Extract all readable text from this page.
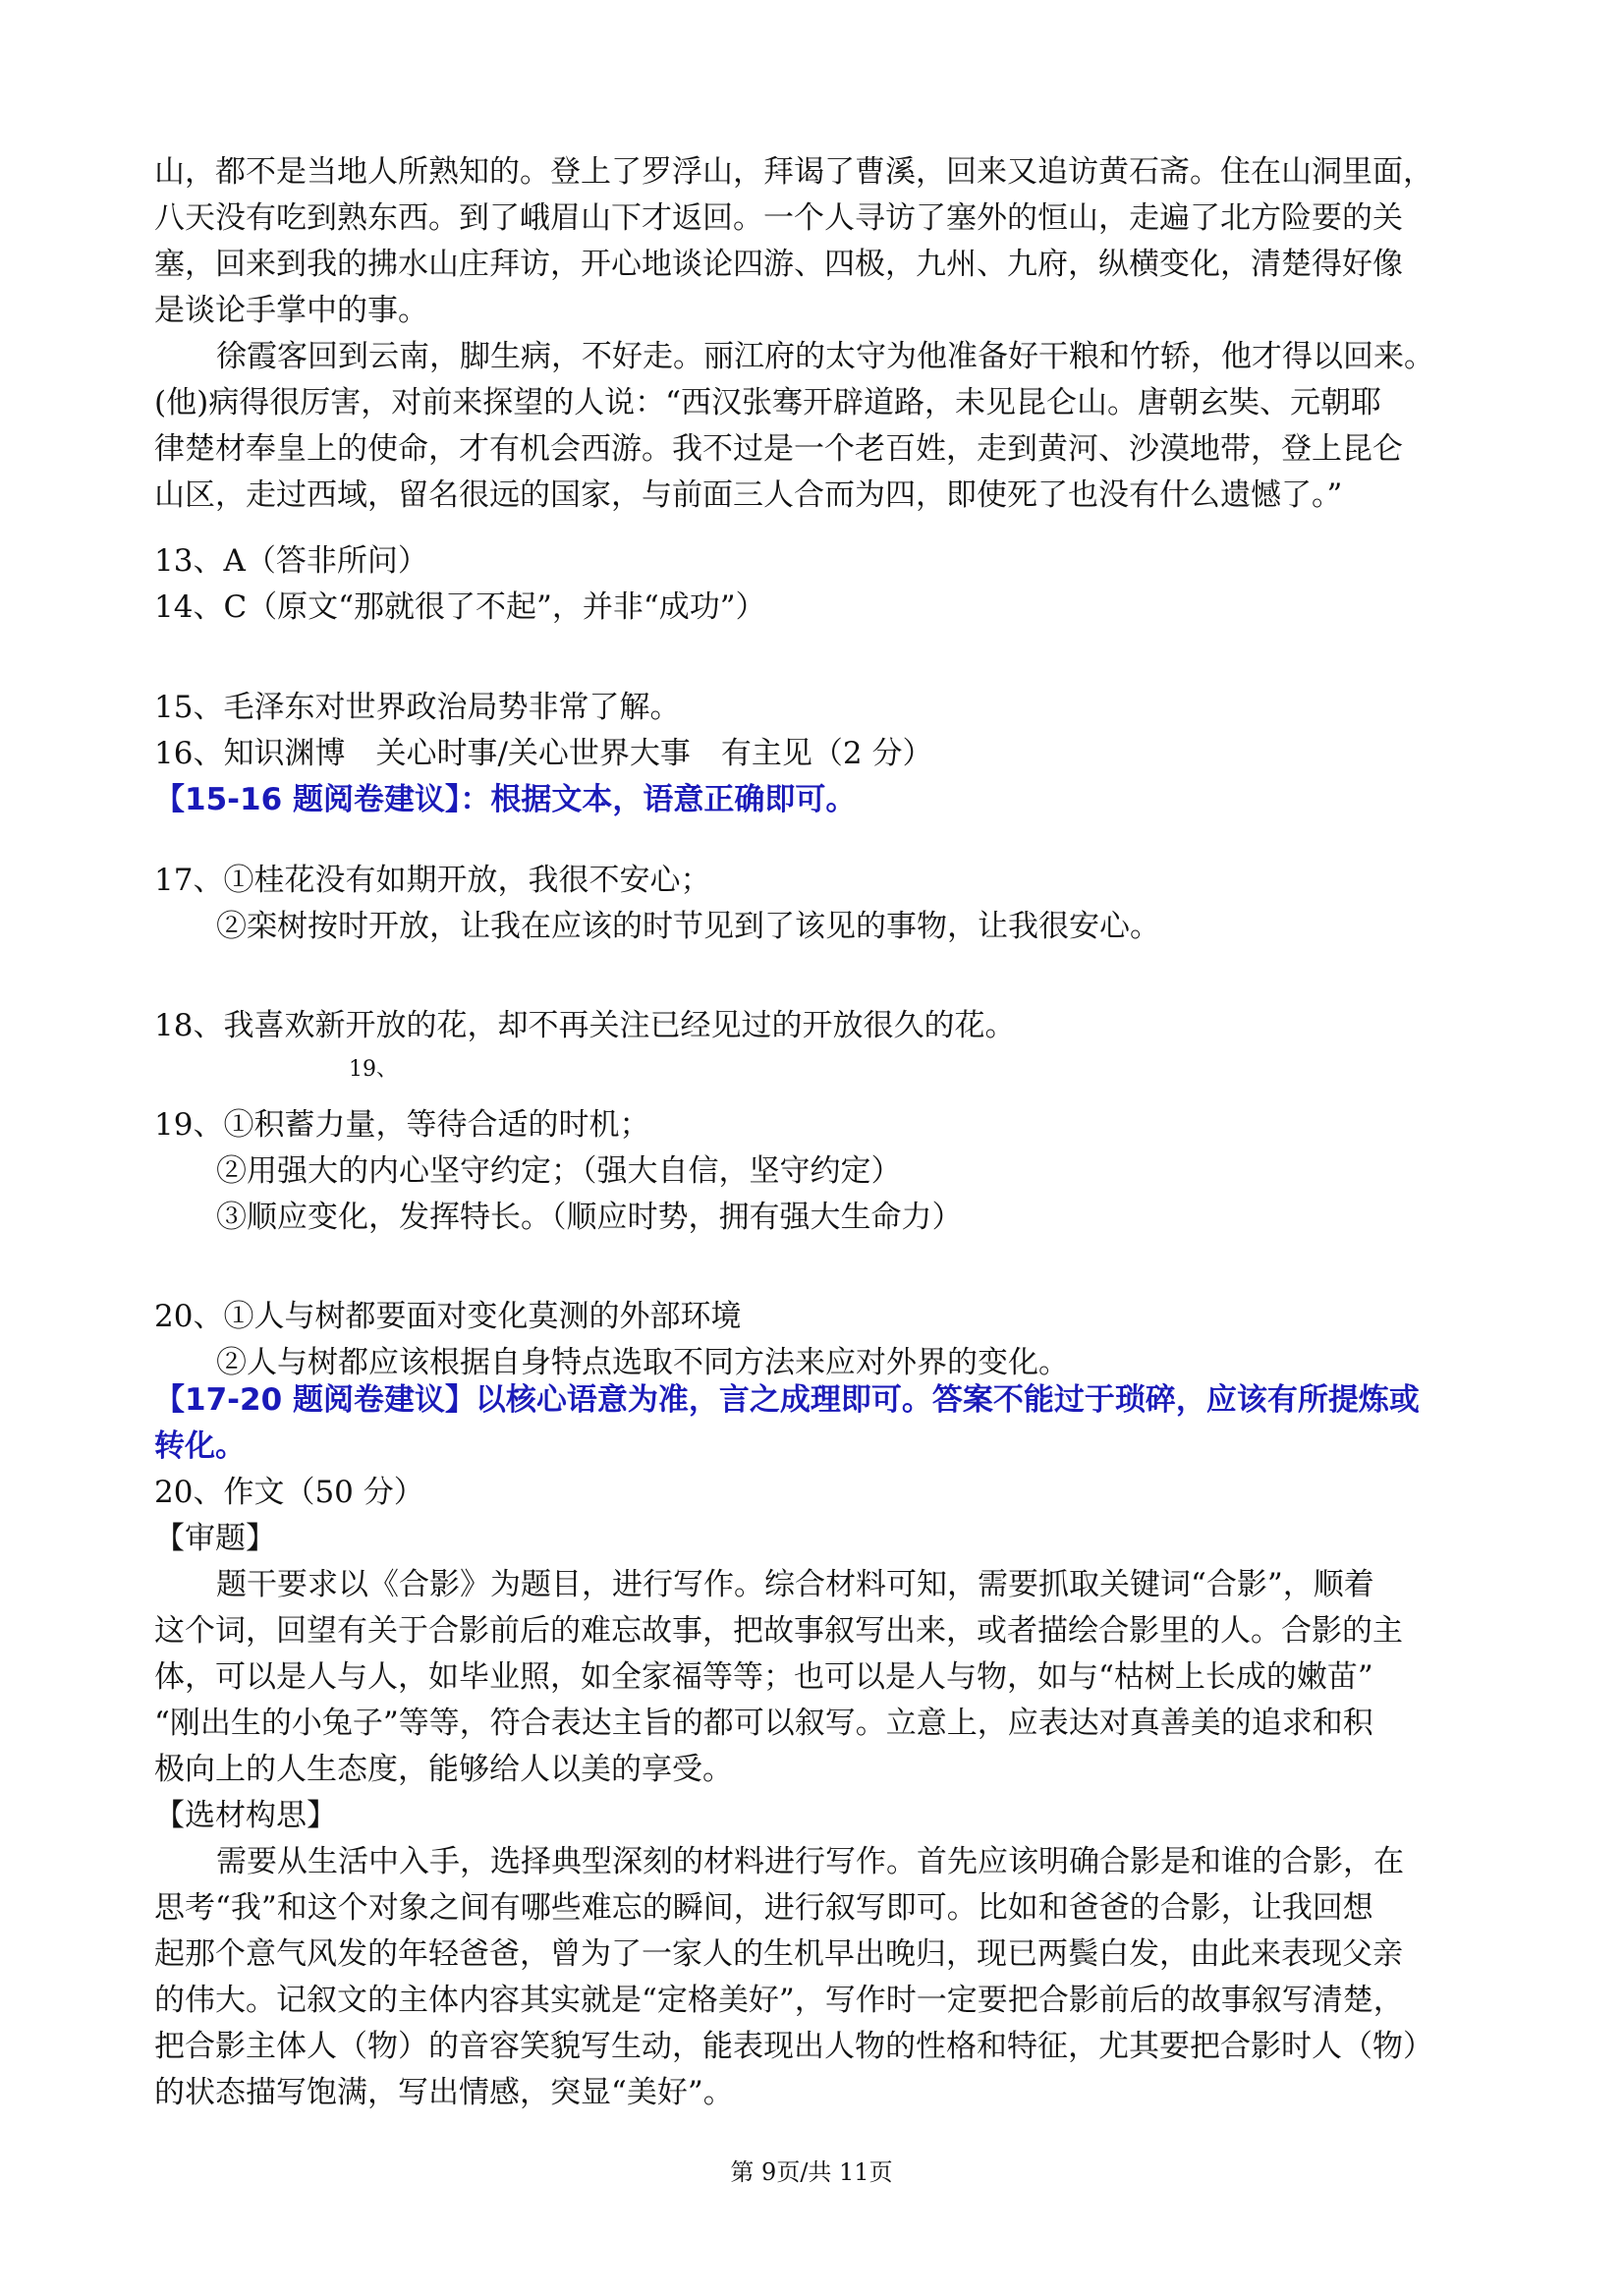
山，都不是当地人所熟知的。登上了罗浮山，拜谒了曹溪，回来又追访黄石斋。住在山洞里面，
八天没有吃到熟东西。到了峨眉山下才返回。一个人寻访了塞外的恒山，走遍了北方险要的关
塞，回来到我的拂水山庄拜访，开心地谈论四游、四极，九州、九府，纵横变化，清楚得好像
是谈论手掌中的事。
徐霞客回到云南，脚生病，不好走。丽江府的太守为他准备好干粮和竹轿，他才得以回来。
(他)病得很厉害，对前来探望的人说：“西汉张骞开辟道路，未见昆仑山。唐朝玄奘、元朝耶
律楚材奉皇上的使命，才有机会西游。我不过是一个老百姓，走到黄河、沙漠地带，登上昆仑
山区，走过西域，留名很远的国家，与前面三人合而为四，即使死了也没有什么遗憾了。”
13、A（答非所问）
14、C（原文“那就很了不起”，并非“成功”）
15、毛泽东对世界政治局势非常了解。
16、知识渊博　关心时事/关心世界大事　有主见（2 分）
【15-16 题阅卷建议】：根据文本，语意正确即可。
17、①桂花没有如期开放，我很不安心；
②栾树按时开放，让我在应该的时节见到了该见的事物，让我很安心。
18、我喜欢新开放的花，却不再关注已经见过的开放很久的花。
19、
19、①积蓄力量，等待合适的时机；
②用强大的内心坚守约定；（强大自信，坚守约定）
③顺应变化，发挥特长。（顺应时势，拥有强大生命力）
20、①人与树都要面对变化莫测的外部环境
②人与树都应该根据自身特点选取不同方法来应对外界的变化。
【17-20 题阅卷建议】以核心语意为准，言之成理即可。答案不能过于琐碎，应该有所提炼或
转化。
20、作文（50 分）
【审题】
题干要求以《合影》为题目，进行写作。综合材料可知，需要抓取关键词“合影”，顺着
这个词，回望有关于合影前后的难忘故事，把故事叙写出来，或者描绘合影里的人。合影的主
体，可以是人与人，如毕业照，如全家福等等；也可以是人与物，如与“枯树上长成的嫩苗”
“刚出生的小兔子”等等，符合表达主旨的都可以叙写。立意上，应表达对真善美的追求和积
极向上的人生态度，能够给人以美的享受。
【选材构思】
需要从生活中入手，选择典型深刻的材料进行写作。首先应该明确合影是和谁的合影，在
思考“我”和这个对象之间有哪些难忘的瞬间，进行叙写即可。比如和爸爸的合影，让我回想
起那个意气风发的年轻爸爸，曾为了一家人的生机早出晚归，现已两鬓白发，由此来表现父亲
的伟大。记叙文的主体内容其实就是“定格美好”，写作时一定要把合影前后的故事叙写清楚，
把合影主体人（物）的音容笑貌写生动，能表现出人物的性格和特征，尤其要把合影时人（物）
的状态描写饱满，写出情感，突显“美好”。
第 9页/共 11页
